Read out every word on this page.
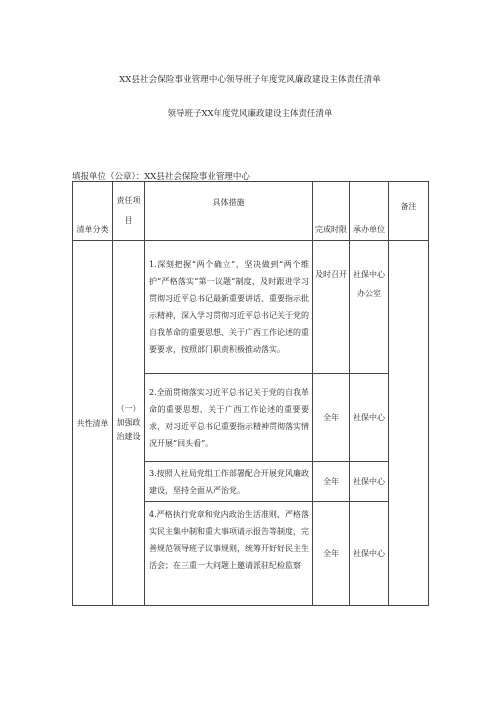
XX县社会保险事业管理中心领导班子年度党风廉政建设主体责任清单
领导班子XX年度党风廉政建设主体责任清单
填报单位（公章）：XX县社会保险事业管理中心
清单分类	责任项目	具体措施	完成时限	承办单位	备注
共性清单	（一）加强政治建设	1.深刻把握“两个确立”，坚决做到“两个维护”严格落实“第一议题”制度，及时跟进学习贯彻习近平总书记最新重要讲话、重要指示批示精神，深入学习贯彻习近平总书记关于党的自我革命的重要思想、关于广西工作论述的重要要求，按照部门职责积极推动落实。	及时召开	社保中心办公室	
		2.全面贯彻落实习近平总书记关于党的自我革命的重要思想、关于广西工作论述的重要要求，对习近平总书记重要指示精神贯彻落实情况开展“回头看”。	全年	社保中心	
		3.按照人社局党组工作部署配合开展党风廉政建设，坚持全面从严治党。	全年	社保中心	
		4.严格执行党章和党内政治生活准则，严格落实民主集中制和重大事项请示报告等制度，完善规范领导班子议事规则，统筹开好好民主生活会；在三重一大问题上邀请派驻纪检监察	全年	社保中心	
